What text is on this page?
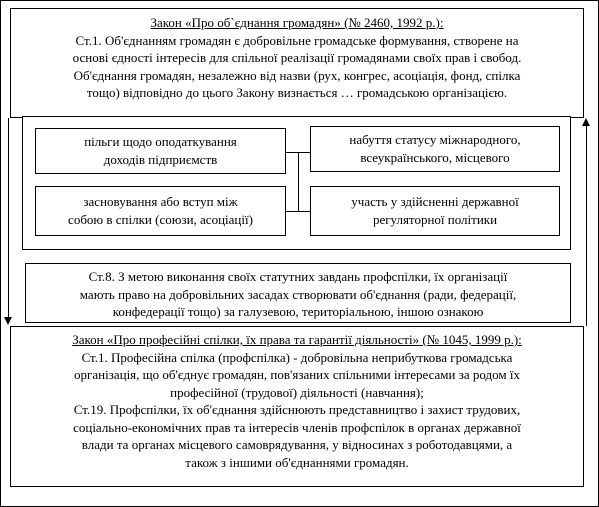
Закон «Про об`єднання громадян» (№ 2460, 1992 р.):
Ст.1. Об'єднанням громадян є добровільне громадське формування, створене на
основі єдності інтересів для спільної реалізації громадянами своїх прав і свобод.
Об'єднання громадян, незалежно від назви (рух, конгрес, асоціація, фонд, спілка
тощо) відповідно до цього Закону визнається … громадською організацією.
пільги щодо оподаткування
доходів підприємств
набуття статусу міжнародного,
всеукраїнського, місцевого
засновування або вступ між
собою в спілки (союзи, асоціації)
участь у здійсненні державної
регуляторної політики
Ст.8. З метою виконання своїх статутних завдань профспілки, їх організації
мають право на добровільних засадах створювати об'єднання (ради, федерації,
конфедерації тощо) за галузевою, територіальною, іншою ознакою
Закон «Про професійні спілки, їх права та гарантії діяльності» (№ 1045, 1999 р.):
Ст.1. Професійна спілка (профспілка) - добровільна неприбуткова громадська
організація, що об'єднує громадян, пов'язаних спільними інтересами за родом їх
професійної (трудової) діяльності (навчання);
Ст.19. Профспілки, їх об'єднання здійснюють представництво і захист трудових,
соціально-економічних прав та інтересів членів профспілок в органах державної
влади та органах місцевого самоврядування, у відносинах з роботодавцями, а
також з іншими об'єднаннями громадян.
